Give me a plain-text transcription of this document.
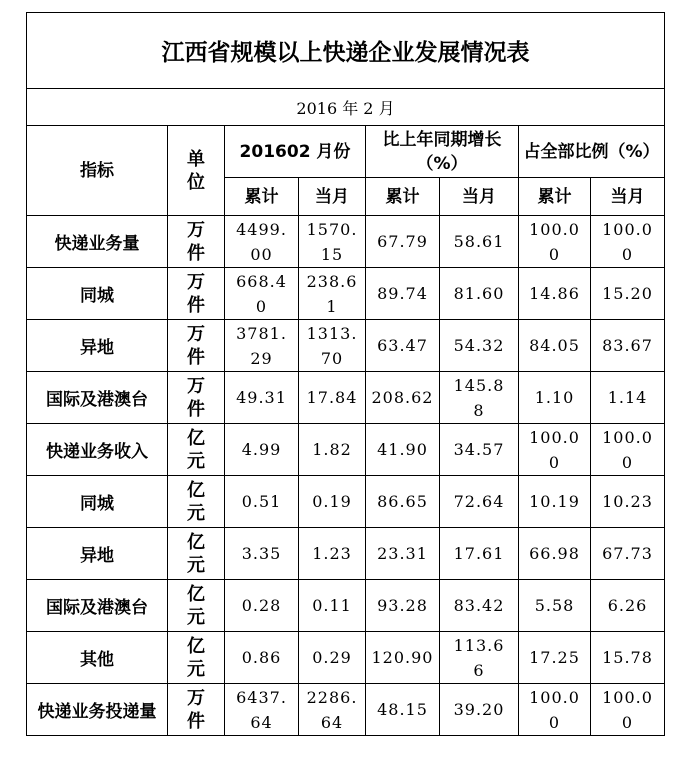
江西省规模以上快递企业发展情况表							
2016 年 2 月							
指标	单位	201602 月份		比上年同期增长（%）		占全部比例（%）	
		累计	当月	累计	当月	累计	当月
快递业务量	万件	4499.00	1570.15	67.79	58.61	100.00	100.00
同城	万件	668.40	238.61	89.74	81.60	14.86	15.20
异地	万件	3781.29	1313.70	63.47	54.32	84.05	83.67
国际及港澳台	万件	49.31	17.84	208.62	145.88	1.10	1.14
快递业务收入	亿元	4.99	1.82	41.90	34.57	100.00	100.00
同城	亿元	0.51	0.19	86.65	72.64	10.19	10.23
异地	亿元	3.35	1.23	23.31	17.61	66.98	67.73
国际及港澳台	亿元	0.28	0.11	93.28	83.42	5.58	6.26
其他	亿元	0.86	0.29	120.90	113.66	17.25	15.78
快递业务投递量	万件	6437.64	2286.64	48.15	39.20	100.00	100.00
